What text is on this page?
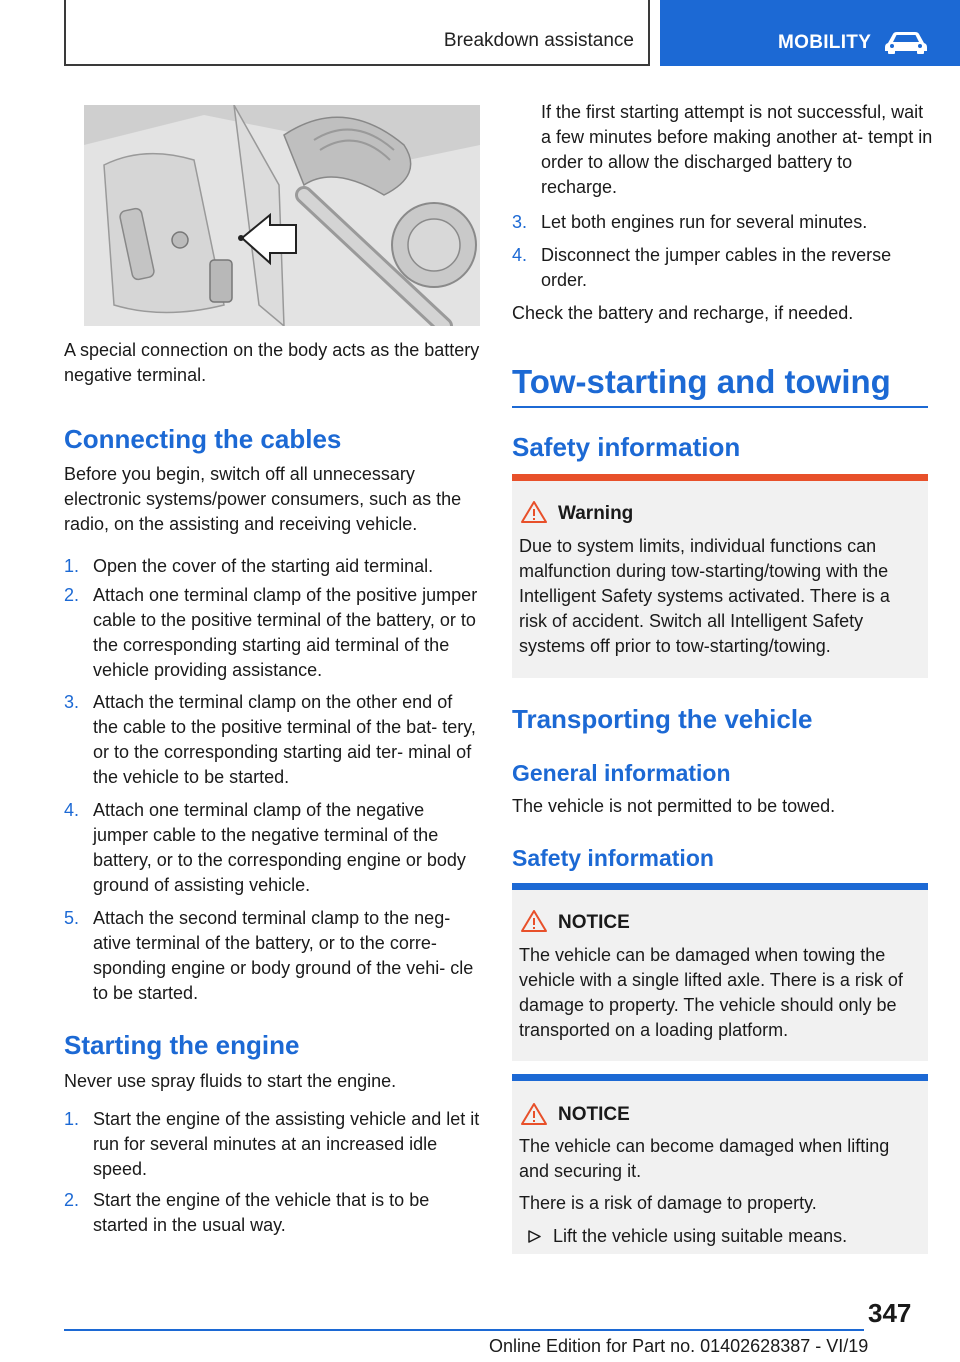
Breakdown assistance	MOBILITY
A special connection on the body acts as the battery negative terminal.
Connecting the cables
Before you begin, switch off all unnecessary electronic systems/power consumers, such as the radio, on the assisting and receiving vehicle.
1. Open the cover of the starting aid terminal.
2. Attach one terminal clamp of the positive jumper cable to the positive terminal of the battery, or to the corresponding starting aid terminal of the vehicle providing assistance.
3. Attach the terminal clamp on the other end of the cable to the positive terminal of the bat‐ tery, or to the corresponding starting aid ter‐ minal of the vehicle to be started.
4. Attach one terminal clamp of the negative jumper cable to the negative terminal of the battery, or to the corresponding engine or body ground of assisting vehicle.
5. Attach the second terminal clamp to the neg‐ ative terminal of the battery, or to the corre‐ sponding engine or body ground of the vehi‐ cle to be started.
Starting the engine
Never use spray fluids to start the engine.
1. Start the engine of the assisting vehicle and let it run for several minutes at an increased idle speed.
2. Start the engine of the vehicle that is to be started in the usual way.
If the first starting attempt is not successful, wait a few minutes before making another at‐ tempt in order to allow the discharged battery to recharge.
3. Let both engines run for several minutes.
4. Disconnect the jumper cables in the reverse order.
Check the battery and recharge, if needed.
Tow-starting and towing
Safety information
Warning
Due to system limits, individual functions can malfunction during tow-starting/towing with the Intelligent Safety systems activated. There is a risk of accident. Switch all Intelligent Safety systems off prior to tow-starting/towing.
Transporting the vehicle
General information
The vehicle is not permitted to be towed.
Safety information
NOTICE
The vehicle can be damaged when towing the vehicle with a single lifted axle. There is a risk of damage to property. The vehicle should only be transported on a loading platform.
NOTICE
The vehicle can become damaged when lifting and securing it.
There is a risk of damage to property.
Lift the vehicle using suitable means.
347
Online Edition for Part no. 01402628387 - VI/19
